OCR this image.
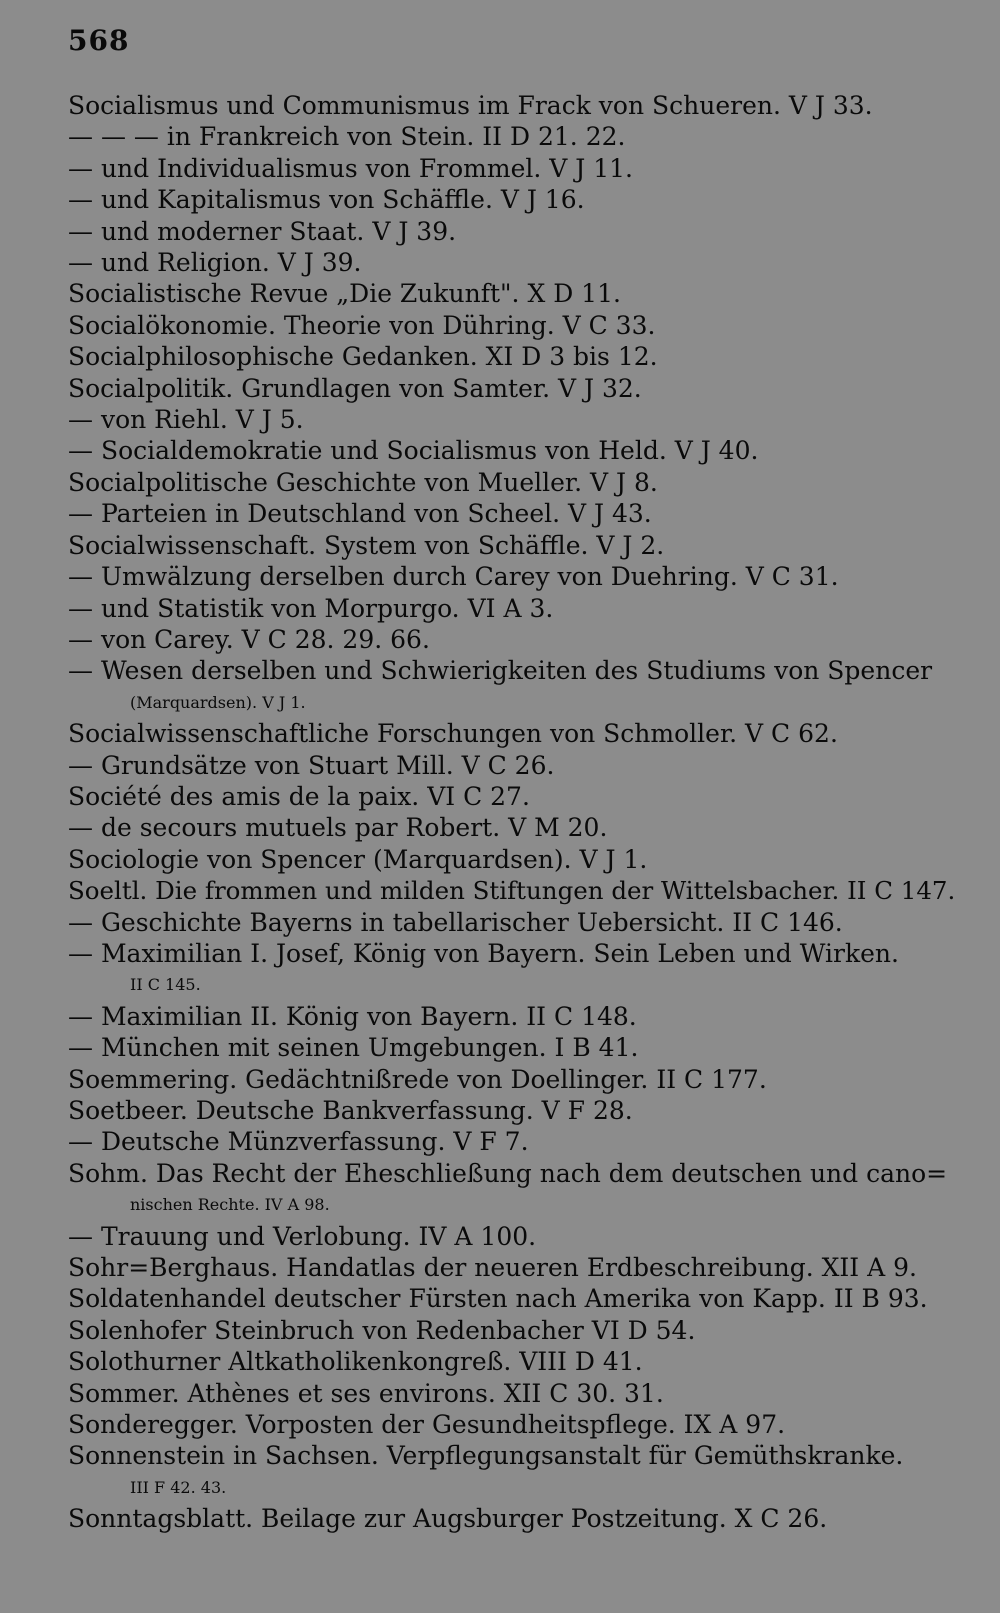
568
Socialismus und Communismus im Frack von Schueren. V J 33.
— — — in Frankreich von Stein. II D 21. 22.
— und Individualismus von Frommel. V J 11.
— und Kapitalismus von Schäffle. V J 16.
— und moderner Staat. V J 39.
— und Religion. V J 39.
Socialistische Revue „Die Zukunft". X D 11.
Socialökonomie. Theorie von Dühring. V C 33.
Socialphilosophische Gedanken. XI D 3 bis 12.
Socialpolitik. Grundlagen von Samter. V J 32.
— von Riehl. V J 5.
— Socialdemokratie und Socialismus von Held. V J 40.
Socialpolitische Geschichte von Mueller. V J 8.
— Parteien in Deutschland von Scheel. V J 43.
Socialwissenschaft. System von Schäffle. V J 2.
— Umwälzung derselben durch Carey von Duehring. V C 31.
— und Statistik von Morpurgo. VI A 3.
— von Carey. V C 28. 29. 66.
— Wesen derselben und Schwierigkeiten des Studiums von Spencer
(Marquardsen). V J 1.
Socialwissenschaftliche Forschungen von Schmoller. V C 62.
— Grundsätze von Stuart Mill. V C 26.
Société des amis de la paix. VI C 27.
— de secours mutuels par Robert. V M 20.
Sociologie von Spencer (Marquardsen). V J 1.
Soeltl. Die frommen und milden Stiftungen der Wittelsbacher. II C 147.
— Geschichte Bayerns in tabellarischer Uebersicht. II C 146.
— Maximilian I. Josef, König von Bayern. Sein Leben und Wirken.
II C 145.
— Maximilian II. König von Bayern. II C 148.
— München mit seinen Umgebungen. I B 41.
Soemmering. Gedächtnißrede von Doellinger. II C 177.
Soetbeer. Deutsche Bankverfassung. V F 28.
— Deutsche Münzverfassung. V F 7.
Sohm. Das Recht der Eheschließung nach dem deutschen und cano=
nischen Rechte. IV A 98.
— Trauung und Verlobung. IV A 100.
Sohr=Berghaus. Handatlas der neueren Erdbeschreibung. XII A 9.
Soldatenhandel deutscher Fürsten nach Amerika von Kapp. II B 93.
Solenhofer Steinbruch von Redenbacher VI D 54.
Solothurner Altkatholikenkongreß. VIII D 41.
Sommer. Athènes et ses environs. XII C 30. 31.
Sonderegger. Vorposten der Gesundheitspflege. IX A 97.
Sonnenstein in Sachsen. Verpflegungsanstalt für Gemüthskranke.
III F 42. 43.
Sonntagsblatt. Beilage zur Augsburger Postzeitung. X C 26.
